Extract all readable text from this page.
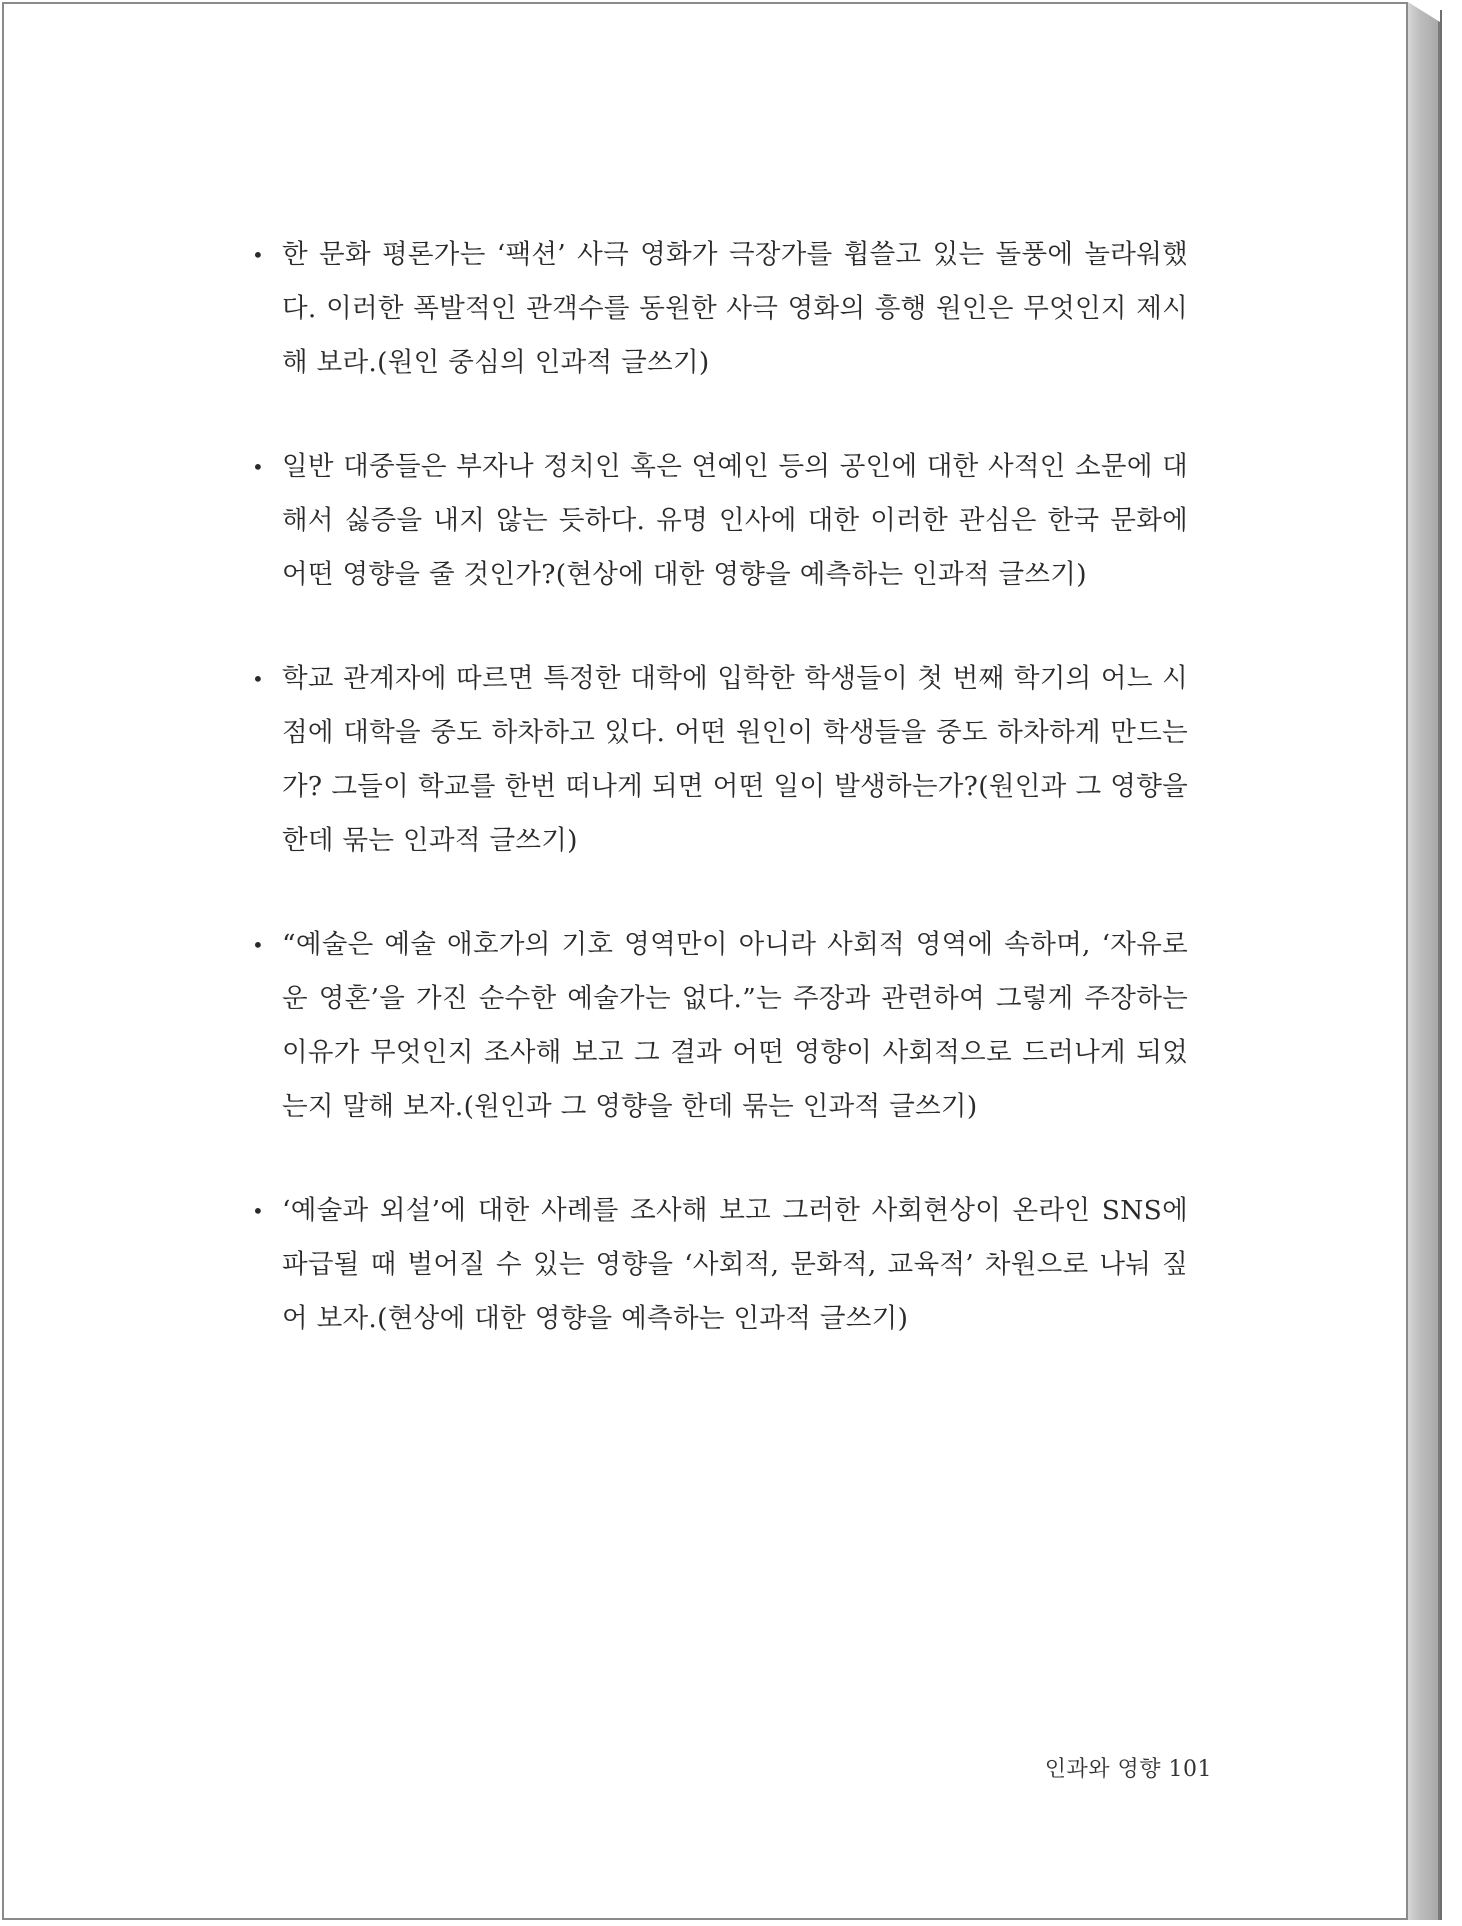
• 한 문화 평론가는 ‘팩션’ 사극 영화가 극장가를 휩쓸고 있는 돌풍에 놀라워했다. 이러한 폭발적인 관객수를 동원한 사극 영화의 흥행 원인은 무엇인지 제시해 보라.(원인 중심의 인과적 글쓰기)
• 일반 대중들은 부자나 정치인 혹은 연예인 등의 공인에 대한 사적인 소문에 대해서 싫증을 내지 않는 듯하다. 유명 인사에 대한 이러한 관심은 한국 문화에 어떤 영향을 줄 것인가?(현상에 대한 영향을 예측하는 인과적 글쓰기)
• 학교 관계자에 따르면 특정한 대학에 입학한 학생들이 첫 번째 학기의 어느 시점에 대학을 중도 하차하고 있다. 어떤 원인이 학생들을 중도 하차하게 만드는가? 그들이 학교를 한번 떠나게 되면 어떤 일이 발생하는가?(원인과 그 영향을 한데 묶는 인과적 글쓰기)
• “예술은 예술 애호가의 기호 영역만이 아니라 사회적 영역에 속하며, ‘자유로운 영혼’을 가진 순수한 예술가는 없다.”는 주장과 관련하여 그렇게 주장하는 이유가 무엇인지 조사해 보고 그 결과 어떤 영향이 사회적으로 드러나게 되었는지 말해 보자.(원인과 그 영향을 한데 묶는 인과적 글쓰기)
• ‘예술과 외설’에 대한 사례를 조사해 보고 그러한 사회현상이 온라인 SNS에 파급될 때 벌어질 수 있는 영향을 ‘사회적, 문화적, 교육적’ 차원으로 나눠 짚어 보자.(현상에 대한 영향을 예측하는 인과적 글쓰기)
인과와 영향 101
